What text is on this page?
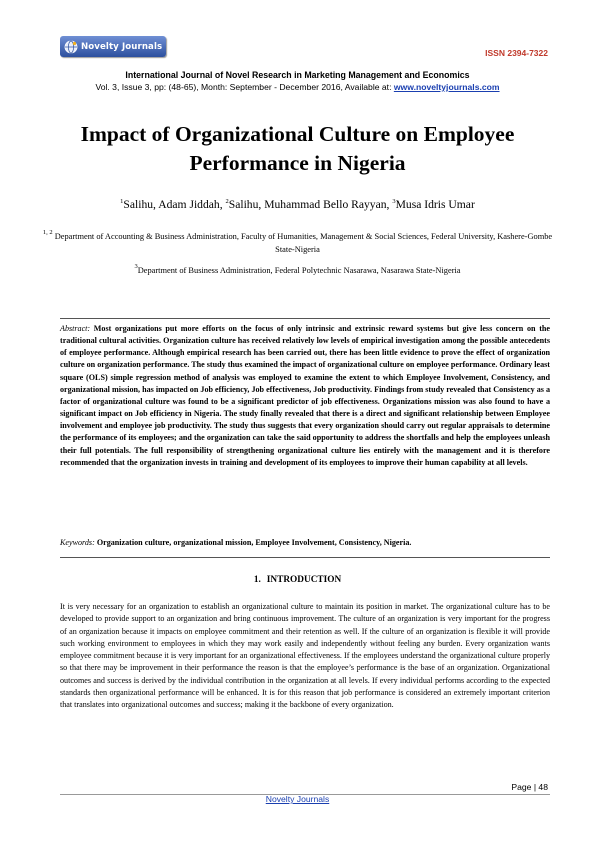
Novelty Journals
ISSN 2394-7322
International Journal of Novel Research in Marketing Management and Economics
Vol. 3, Issue 3, pp: (48-65), Month: September - December 2016, Available at: www.noveltyjournals.com
Impact of Organizational Culture on Employee Performance in Nigeria
$^1$Salihu, Adam Jiddah, $^2$Salihu, Muhammad Bello Rayyan, $^3$Musa Idris Umar
$^{1, 2}$ Department of Accounting & Business Administration, Faculty of Humanities, Management & Social Sciences, Federal University, Kashere-Gombe State-Nigeria
$^3$Department of Business Administration, Federal Polytechnic Nasarawa, Nasarawa State-Nigeria
Abstract: Most organizations put more efforts on the focus of only intrinsic and extrinsic reward systems but give less concern on the traditional cultural activities. Organization culture has received relatively low levels of empirical investigation among the possible antecedents of employee performance. Although empirical research has been carried out, there has been little evidence to prove the effect of organization culture on organization performance. The study thus examined the impact of organizational culture on employee performance. Ordinary least square (OLS) simple regression method of analysis was employed to examine the extent to which Employee Involvement, Consistency, and organizational mission, has impacted on Job efficiency, Job effectiveness, Job productivity. Findings from study revealed that Consistency as a factor of organizational culture was found to be a significant predictor of job effectiveness. Organizations mission was also found to have a significant impact on Job efficiency in Nigeria. The study finally revealed that there is a direct and significant relationship between Employee involvement and employee job productivity. The study thus suggests that every organization should carry out regular appraisals to determine the performance of its employees; and the organization can take the said opportunity to address the shortfalls and help the employees unleash their full potentials. The full responsibility of strengthening organizational culture lies entirely with the management and it is therefore recommended that the organization invests in training and development of its employees to improve their human capability at all levels.
Keywords: Organization culture, organizational mission, Employee Involvement, Consistency, Nigeria.
1. INTRODUCTION
It is very necessary for an organization to establish an organizational culture to maintain its position in market. The organizational culture has to be developed to provide support to an organization and bring continuous improvement. The culture of an organization is very important for the progress of an organization because it impacts on employee commitment and their retention as well. If the culture of an organization is flexible it will provide such working environment to employees in which they may work easily and independently without feeling any burden. Every organization wants employee commitment because it is very important for an organizational effectiveness. If the employees understand the organizational culture properly so that there may be improvement in their performance the reason is that the employee’s performance is the base of an organization. Organizational outcomes and success is derived by the individual contribution in the organization at all levels. If every individual performs according to the expected standards then organizational performance will be enhanced. It is for this reason that job performance is considered an extremely important criterion that translates into organizational outcomes and success; making it the backbone of every organization.
Page | 48
Novelty Journals
